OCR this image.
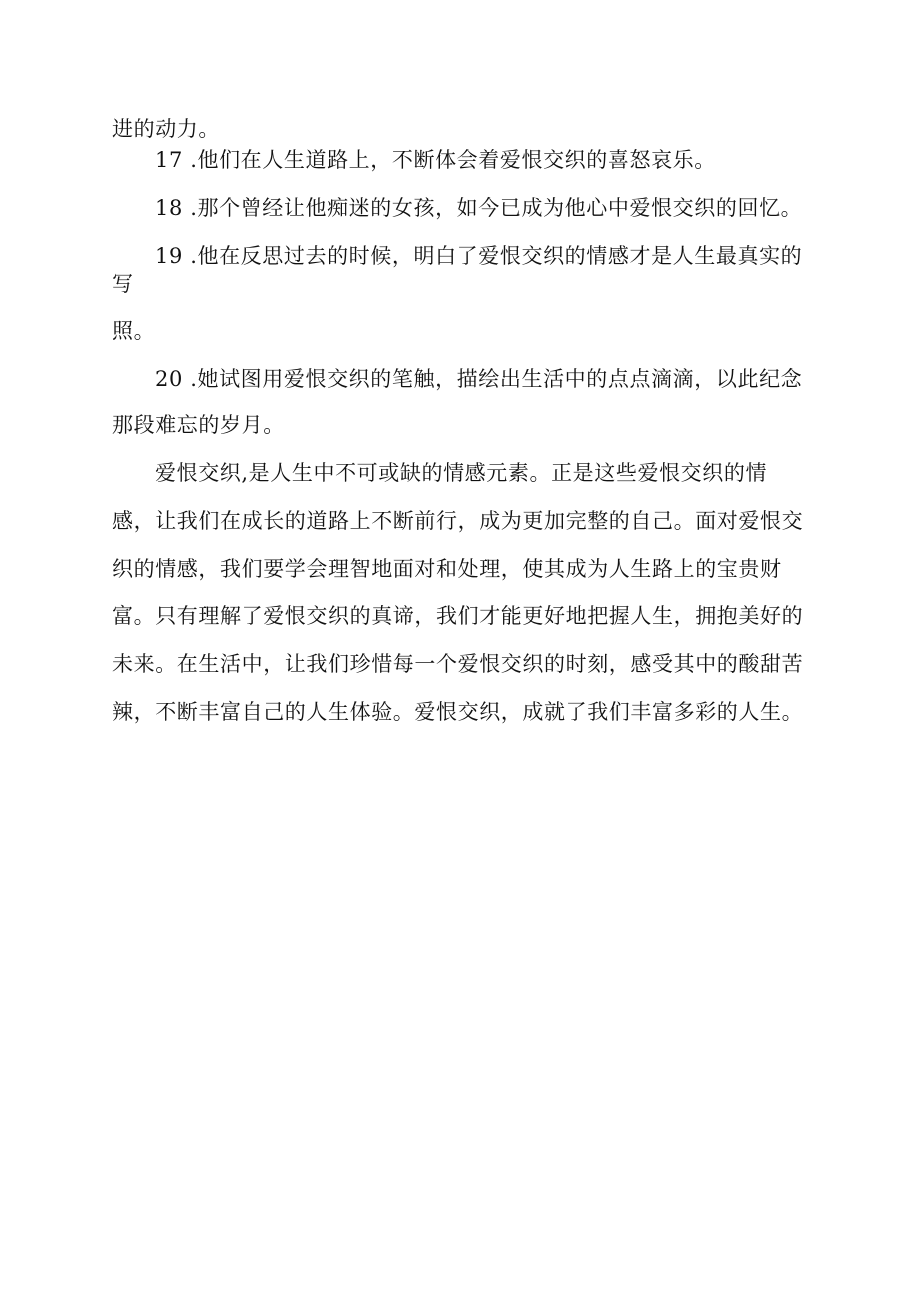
进的动力。
17 .他们在人生道路上，不断体会着爱恨交织的喜怒哀乐。
18 .那个曾经让他痴迷的女孩，如今已成为他心中爱恨交织的回忆。
19 .他在反思过去的时候，明白了爱恨交织的情感才是人生最真实的
写
照。
20 .她试图用爱恨交织的笔触，描绘出生活中的点点滴滴，以此纪念
那段难忘的岁月。
爱恨交织,是人生中不可或缺的情感元素。正是这些爱恨交织的情
感，让我们在成长的道路上不断前行，成为更加完整的自己。面对爱恨交
织的情感，我们要学会理智地面对和处理，使其成为人生路上的宝贵财
富。只有理解了爱恨交织的真谛，我们才能更好地把握人生，拥抱美好的
未来。在生活中，让我们珍惜每一个爱恨交织的时刻，感受其中的酸甜苦
辣，不断丰富自己的人生体验。爱恨交织，成就了我们丰富多彩的人生。
